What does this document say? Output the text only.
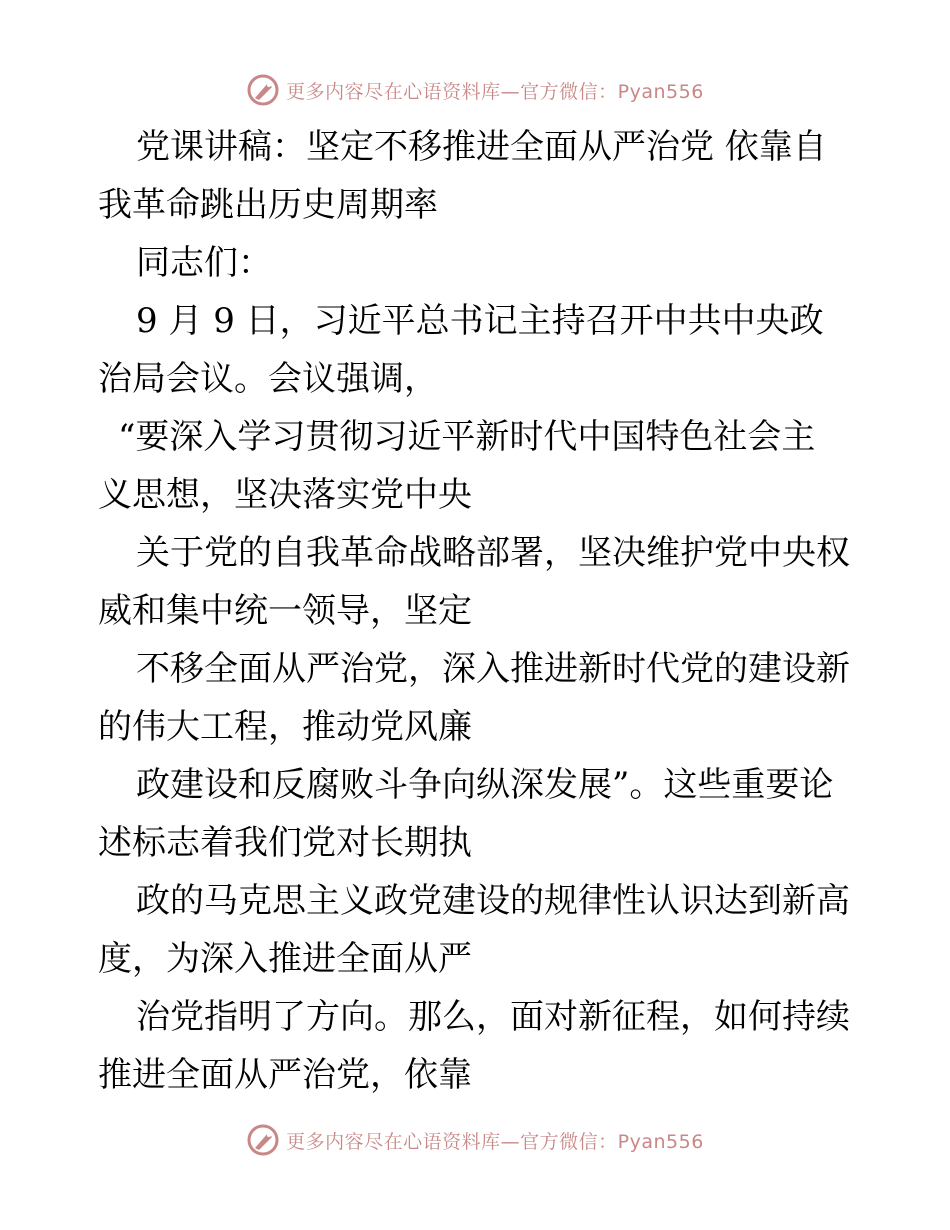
更多内容尽在心语资料库—官方微信：Pyan556

党课讲稿：坚定不移推进全面从严治党 依靠自

我革命跳出历史周期率

同志们：

9 月 9 日，习近平总书记主持召开中共中央政

治局会议。会议强调，

“要深入学习贯彻习近平新时代中国特色社会主

义思想，坚决落实党中央

关于党的自我革命战略部署，坚决维护党中央权

威和集中统一领导，坚定

不移全面从严治党，深入推进新时代党的建设新

的伟大工程，推动党风廉

政建设和反腐败斗争向纵深发展”。这些重要论

述标志着我们党对长期执

政的马克思主义政党建设的规律性认识达到新高

度，为深入推进全面从严

治党指明了方向。那么，面对新征程，如何持续

推进全面从严治党，依靠

更多内容尽在心语资料库—官方微信：Pyan556
